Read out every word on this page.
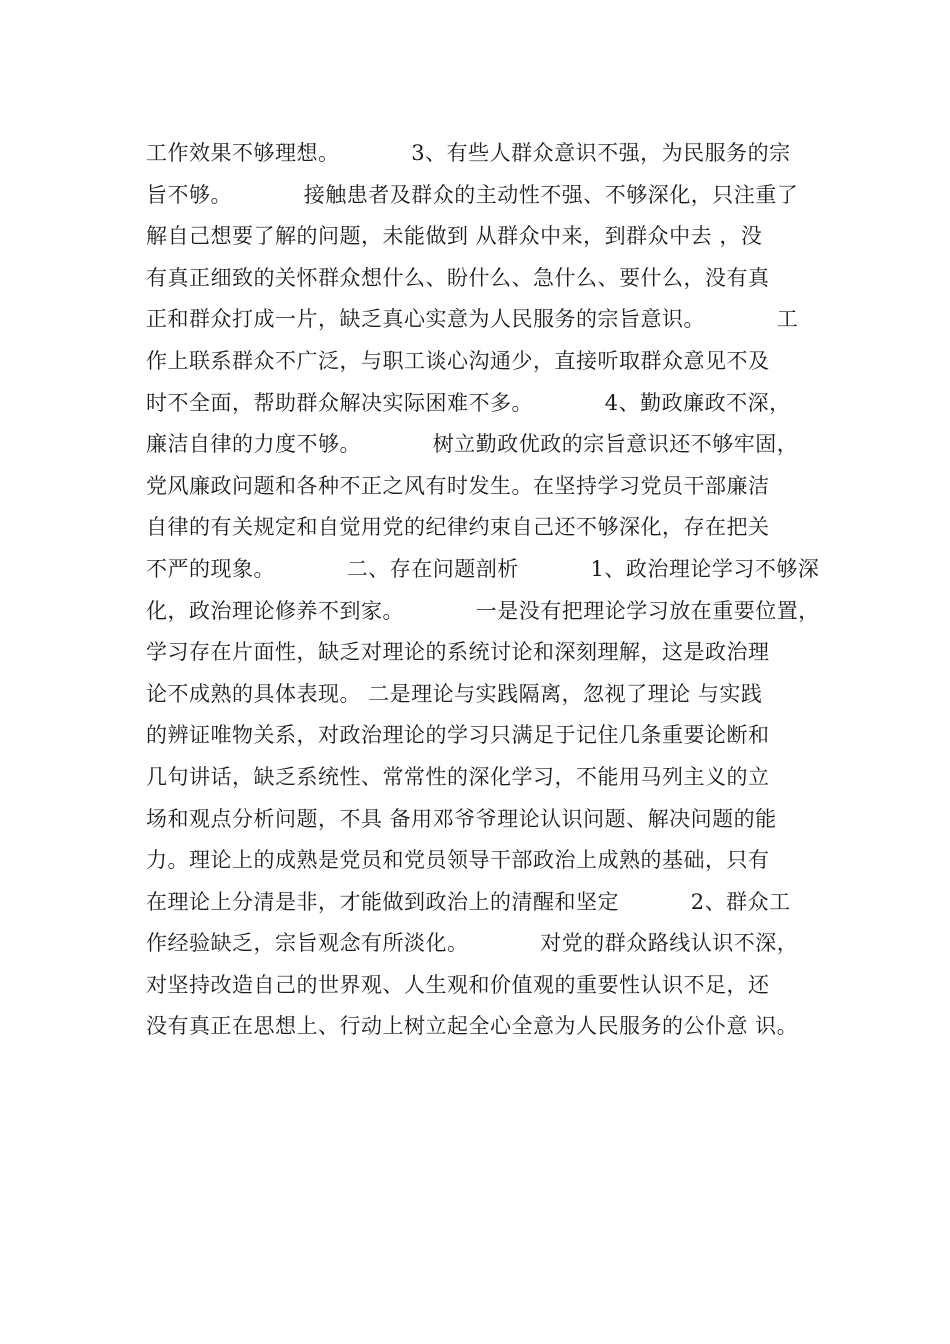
工作效果不够理想。          3、有些人群众意识不强，为民服务的宗
旨不够。          接触患者及群众的主动性不强、不够深化，只注重了
解自己想要了解的问题，未能做到 从群众中来，到群众中去 ，没
有真正细致的关怀群众想什么、盼什么、急什么、要什么，没有真
正和群众打成一片，缺乏真心实意为人民服务的宗旨意识。          工
作上联系群众不广泛，与职工谈心沟通少，直接听取群众意见不及
时不全面，帮助群众解决实际困难不多。          4、勤政廉政不深，
廉洁自律的力度不够。          树立勤政优政的宗旨意识还不够牢固，
党风廉政问题和各种不正之风有时发生。在坚持学习党员干部廉洁
自律的有关规定和自觉用党的纪律约束自己还不够深化，存在把关
不严的现象。          二、存在问题剖析          1、政治理论学习不够深
化，政治理论修养不到家。          一是没有把理论学习放在重要位置，
学习存在片面性，缺乏对理论的系统讨论和深刻理解，这是政治理
论不成熟的具体表现。 二是理论与实践隔离，忽视了理论 与实践
的辨证唯物关系，对政治理论的学习只满足于记住几条重要论断和
几句讲话，缺乏系统性、常常性的深化学习，不能用马列主义的立
场和观点分析问题，不具 备用邓爷爷理论认识问题、解决问题的能
力。理论上的成熟是党员和党员领导干部政治上成熟的基础，只有
在理论上分清是非，才能做到政治上的清醒和坚定          2、群众工
作经验缺乏，宗旨观念有所淡化。          对党的群众路线认识不深，
对坚持改造自己的世界观、人生观和价值观的重要性认识不足，还
没有真正在思想上、行动上树立起全心全意为人民服务的公仆意 识。
